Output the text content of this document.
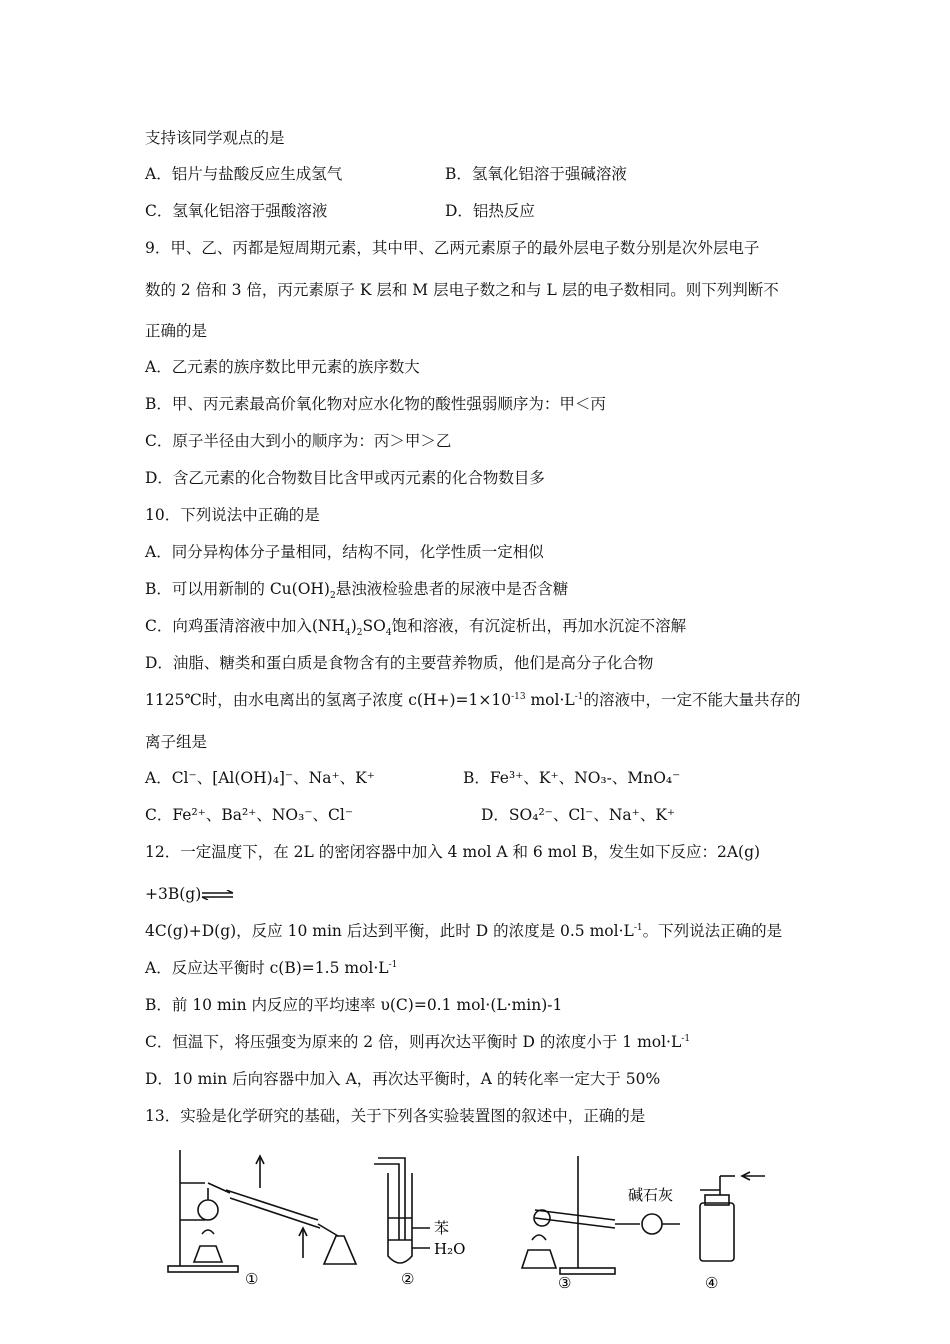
支持该同学观点的是
A．铝片与盐酸反应生成氢气	B．氢氧化铝溶于强碱溶液
C．氢氧化铝溶于强酸溶液	D．铝热反应
9．甲、乙、丙都是短周期元素，其中甲、乙两元素原子的最外层电子数分别是次外层电子
数的 2 倍和 3 倍，丙元素原子 K 层和 M 层电子数之和与 L 层的电子数相同。则下列判断不
正确的是
A．乙元素的族序数比甲元素的族序数大
B．甲、丙元素最高价氧化物对应水化物的酸性强弱顺序为：甲＜丙
C．原子半径由大到小的顺序为：丙＞甲＞乙
D．含乙元素的化合物数目比含甲或丙元素的化合物数目多
10．下列说法中正确的是
A．同分异构体分子量相同，结构不同，化学性质一定相似
B．可以用新制的 $Cu(OH)_2$悬浊液检验患者的尿液中是否含糖
C．向鸡蛋清溶液中加入$(NH_4)_2SO_4$饱和溶液，有沉淀析出，再加水沉淀不溶解
D．油脂、糖类和蛋白质是食物含有的主要营养物质，他们是高分子化合物
1125℃时，由水电离出的氢离子浓度 $c(H+)=1\times 10^{-13}$ $mol\cdot L^{-1}$的溶液中，一定不能大量共存的
离子组是
A．Cl⁻、[Al(OH)₄]⁻、Na⁺、K⁺	B．Fe³⁺、K⁺、NO₃-、MnO₄⁻
C．Fe²⁺、Ba²⁺、NO₃⁻、Cl⁻	D．SO₄²⁻、Cl⁻、Na⁺、K⁺
12．一定温度下，在 2L 的密闭容器中加入 4 mol A 和 6 mol B，发生如下反应：2A(g)
+3B(g)⇌
4C(g)+D(g)，反应 10 min 后达到平衡，此时 D 的浓度是 0.5 $mol\cdot L^{-1}$。下列说法正确的是
A．反应达平衡时 c(B)=1.5 $mol\cdot L^{-1}$
B．前 10 min 内反应的平均速率 υ(C)=0.1 mol·(L·min)-1
C．恒温下，将压强变为原来的 2 倍，则再次达平衡时 D 的浓度小于 1 $mol\cdot L^{-1}$
D．10 min 后向容器中加入 A，再次达平衡时，A 的转化率一定大于 50%
13．实验是化学研究的基础，关于下列各实验装置图的叙述中，正确的是
苯
H₂O
碱石灰
①	②	③	④
